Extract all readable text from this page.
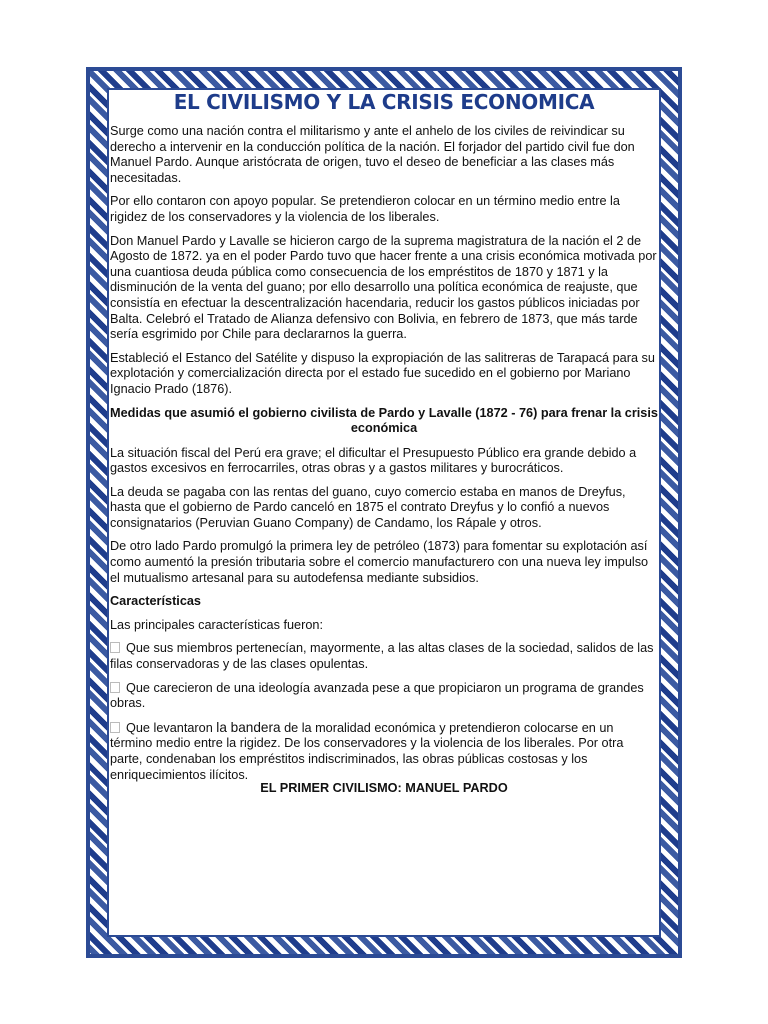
EL CIVILISMO Y LA CRISIS ECONOMICA

Surge como una nación contra el militarismo y ante el anhelo de los civiles de reivindicar su derecho a intervenir en la conducción política de la nación. El forjador del partido civil fue don Manuel Pardo. Aunque aristócrata de origen, tuvo el deseo de beneficiar a las clases más necesitadas.

Por ello contaron con apoyo popular. Se pretendieron colocar en un término medio entre la rigidez de los conservadores y la violencia de los liberales.

Don Manuel Pardo y Lavalle se hicieron cargo de la suprema magistratura de la nación el 2 de Agosto de 1872. ya en el poder Pardo tuvo que hacer frente a una crisis económica motivada por una cuantiosa deuda pública como consecuencia de los empréstitos de 1870 y 1871 y la disminución de la venta del guano; por ello desarrollo una política económica de reajuste, que consistía en efectuar la descentralización hacendaria, reducir los gastos públicos iniciadas por Balta. Celebró el Tratado de Alianza defensivo con Bolivia, en febrero de 1873, que más tarde sería esgrimido por Chile para declararnos la guerra.

Estableció el Estanco del Satélite y dispuso la expropiación de las salitreras de Tarapacá para su explotación y comercialización directa por el estado fue sucedido en el gobierno por Mariano Ignacio Prado (1876).

Medidas que asumió el gobierno civilista de Pardo y Lavalle (1872 - 76) para frenar la crisis económica

La situación fiscal del Perú era grave; el dificultar el Presupuesto Público era grande debido a gastos excesivos en ferrocarriles, otras obras y a gastos militares y burocráticos.

La deuda se pagaba con las rentas del guano, cuyo comercio estaba en manos de Dreyfus, hasta que el gobierno de Pardo canceló en 1875 el contrato Dreyfus y lo confió a nuevos consignatarios (Peruvian Guano Company) de Candamo, los Rápale y otros.

De otro lado Pardo promulgó la primera ley de petróleo (1873) para fomentar su explotación así como aumentó la presión tributaria sobre el comercio manufacturero con una nueva ley impulso el mutualismo artesanal para su autodefensa mediante subsidios.

Características

Las principales características fueron:

Que sus miembros pertenecían, mayormente, a las altas clases de la sociedad, salidos de las filas conservadoras y de las clases opulentas.

Que carecieron de una ideología avanzada pese a que propiciaron un programa de grandes obras.

Que levantaron la bandera de la moralidad económica y pretendieron colocarse en un término medio entre la rigidez. De los conservadores y la violencia de los liberales. Por otra parte, condenaban los empréstitos indiscriminados, las obras públicas costosas y los enriquecimientos ilícitos.

EL PRIMER CIVILISMO: MANUEL PARDO
